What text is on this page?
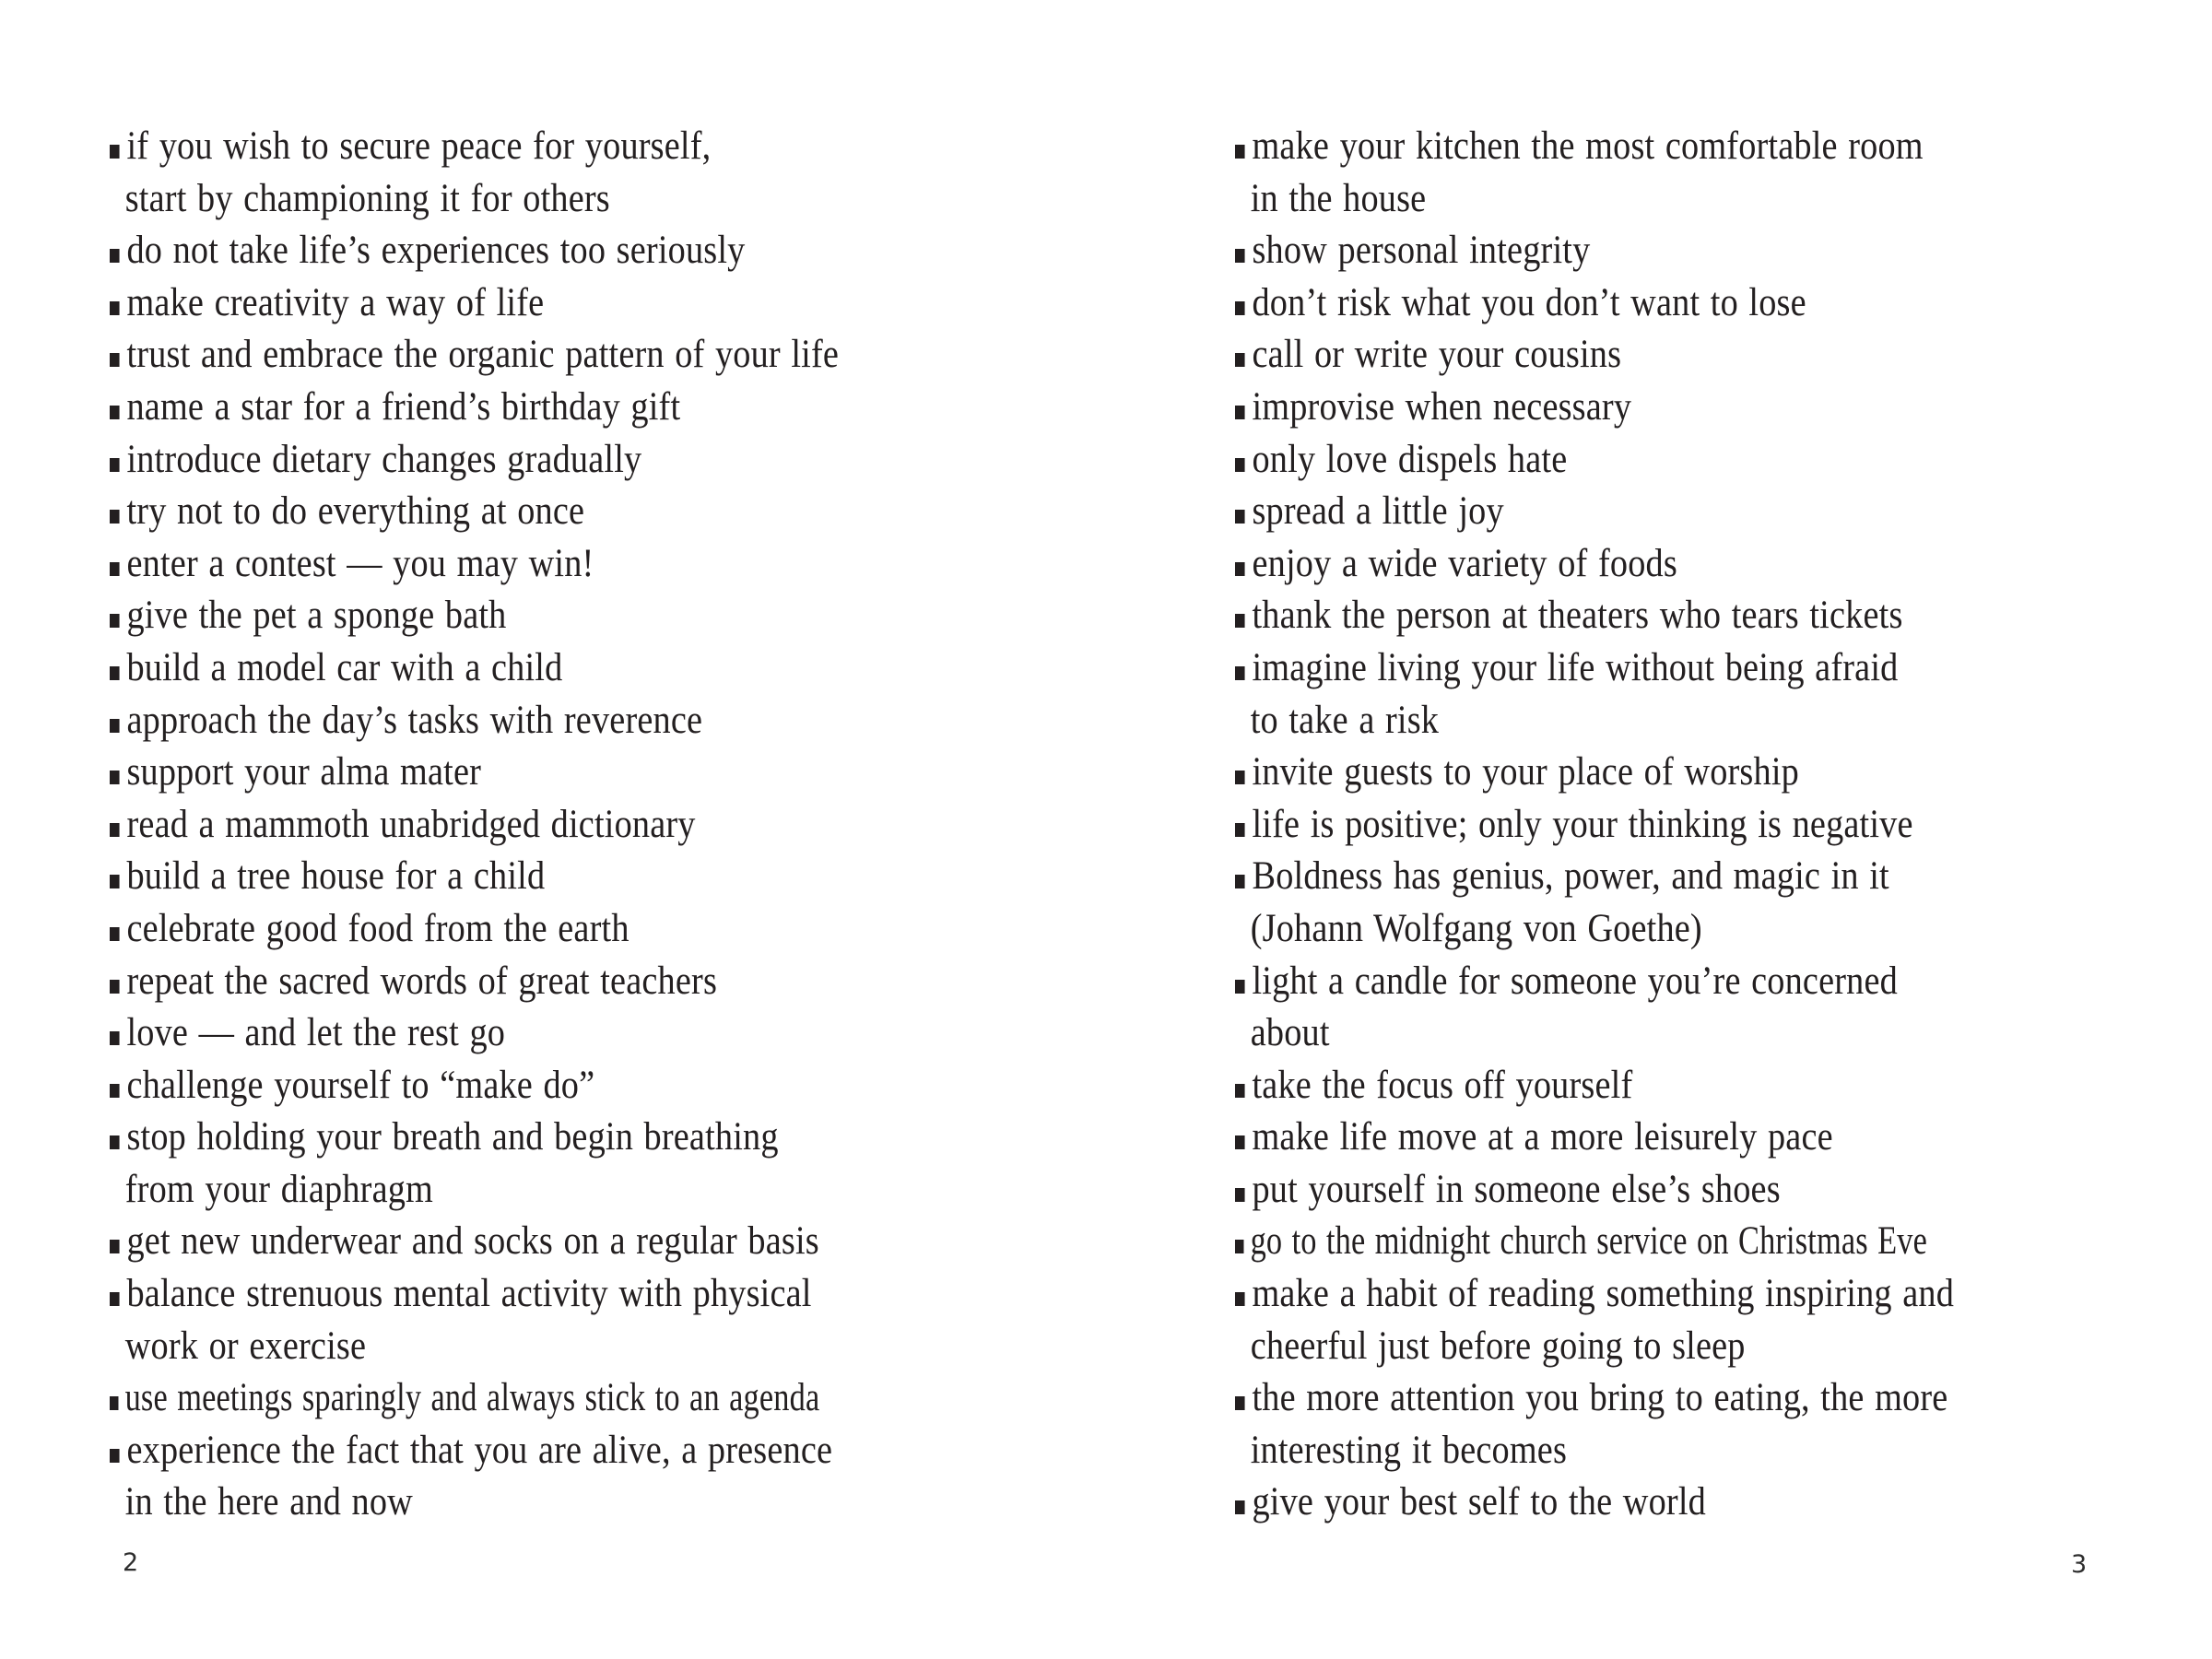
if you wish to secure peace for yourself,
start by championing it for others
do not take life’s experiences too seriously
make creativity a way of life
trust and embrace the organic pattern of your life
name a star for a friend’s birthday gift
introduce dietary changes gradually
try not to do everything at once
enter a contest — you may win!
give the pet a sponge bath
build a model car with a child
approach the day’s tasks with reverence
support your alma mater
read a mammoth unabridged dictionary
build a tree house for a child
celebrate good food from the earth
repeat the sacred words of great teachers
love — and let the rest go
challenge yourself to “make do”
stop holding your breath and begin breathing
from your diaphragm
get new underwear and socks on a regular basis
balance strenuous mental activity with physical
work or exercise
use meetings sparingly and always stick to an agenda
experience the fact that you are alive, a presence
in the here and now
make your kitchen the most comfortable room
in the house
show personal integrity
don’t risk what you don’t want to lose
call or write your cousins
improvise when necessary
only love dispels hate
spread a little joy
enjoy a wide variety of foods
thank the person at theaters who tears tickets
imagine living your life without being afraid
to take a risk
invite guests to your place of worship
life is positive; only your thinking is negative
Boldness has genius, power, and magic in it
(Johann Wolfgang von Goethe)
light a candle for someone you’re concerned
about
take the focus off yourself
make life move at a more leisurely pace
put yourself in someone else’s shoes
go to the midnight church service on Christmas Eve
make a habit of reading something inspiring and
cheerful just before going to sleep
the more attention you bring to eating, the more
interesting it becomes
give your best self to the world
2	3
